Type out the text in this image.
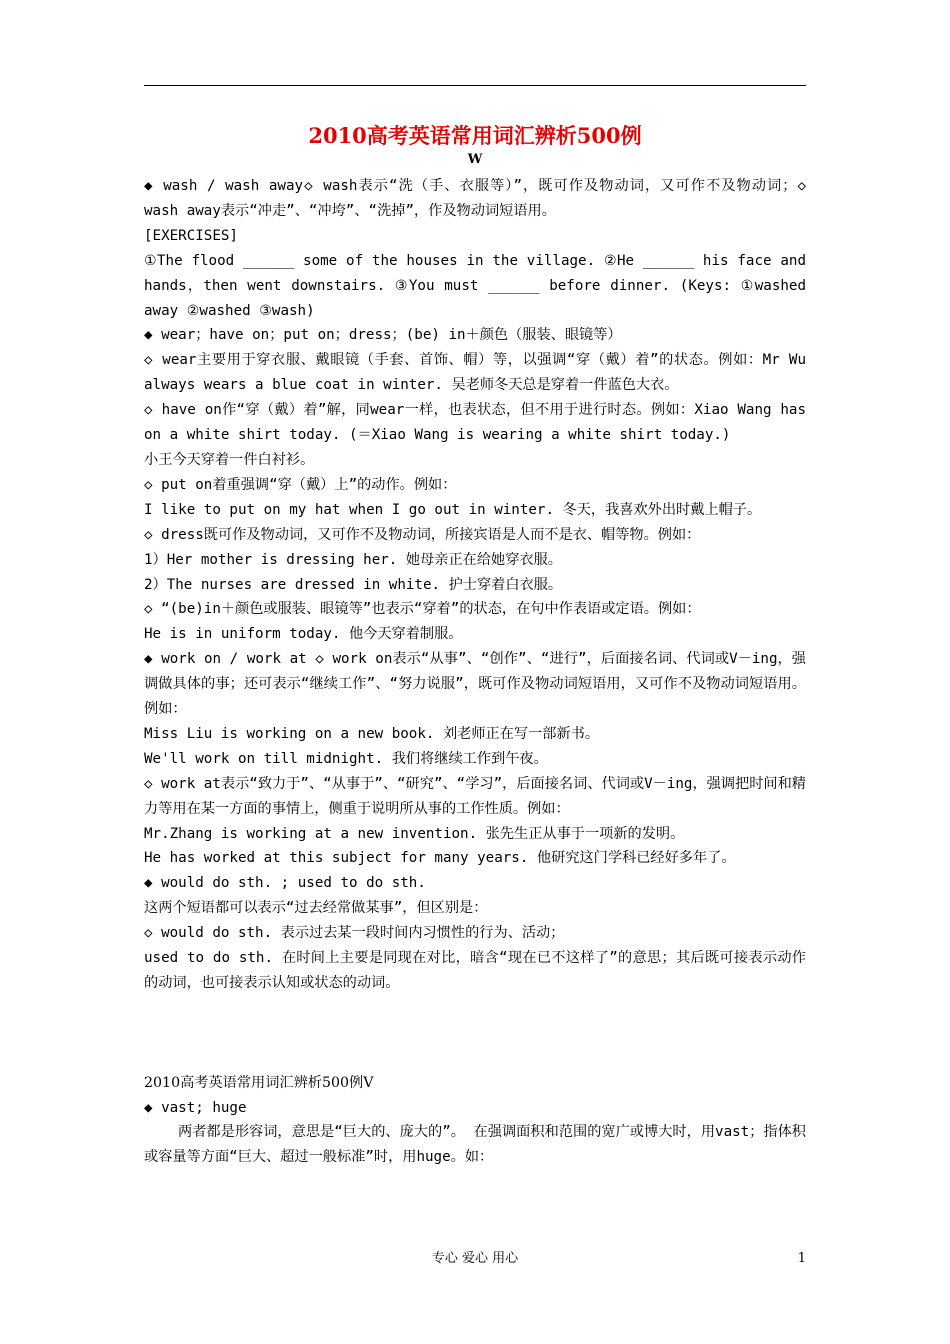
2010高考英语常用词汇辨析500例
W

◆ wash / wash away◇ wash表示“洗（手、衣服等）”，既可作及物动词，又可作不及物动词；◇ wash away表示“冲走”、“冲垮”、“洗掉”，作及物动词短语用。

[EXERCISES]

①The flood ______ some of the houses in the village. ②He ______ his face and hands，then went downstairs. ③You must ______ before dinner. (Keys: ①washed away ②washed ③wash)

◆ wear；have on；put on；dress；(be) in＋颜色（服装、眼镜等）

◇ wear主要用于穿衣服、戴眼镜（手套、首饰、帽）等，以强调“穿（戴）着”的状态。例如：Mr Wu always wears a blue coat in winter. 吴老师冬天总是穿着一件蓝色大衣。

◇ have on作“穿（戴）着”解，同wear一样，也表状态，但不用于进行时态。例如：Xiao Wang has on a white shirt today. (＝Xiao Wang is wearing a white shirt today.)

小王今天穿着一件白衬衫。

◇ put on着重强调“穿（戴）上”的动作。例如：

I like to put on my hat when I go out in winter. 冬天，我喜欢外出时戴上帽子。

◇ dress既可作及物动词，又可作不及物动词，所接宾语是人而不是衣、帽等物。例如：

1）Her mother is dressing her. 她母亲正在给她穿衣服。

2）The nurses are dressed in white. 护士穿着白衣服。

◇ “(be)in＋颜色或服装、眼镜等”也表示“穿着”的状态，在句中作表语或定语。例如：

He is in uniform today. 他今天穿着制服。

◆ work on / work at ◇ work on表示“从事”、“创作”、“进行”，后面接名词、代词或V－ing，强调做具体的事；还可表示“继续工作”、“努力说服”，既可作及物动词短语用，又可作不及物动词短语用。例如：

Miss Liu is working on a new book. 刘老师正在写一部新书。

We'll work on till midnight. 我们将继续工作到午夜。

◇ work at表示“致力于”、“从事于”、“研究”、“学习”，后面接名词、代词或V－ing，强调把时间和精力等用在某一方面的事情上，侧重于说明所从事的工作性质。例如：

Mr.Zhang is working at a new invention. 张先生正从事于一项新的发明。

He has worked at this subject for many years. 他研究这门学科已经好多年了。

◆ would do sth. ; used to do sth.

这两个短语都可以表示“过去经常做某事”，但区别是：

◇ would do sth. 表示过去某一段时间内习惯性的行为、活动；

used to do sth. 在时间上主要是同现在对比，暗含“现在已不这样了”的意思；其后既可接表示动作的动词，也可接表示认知或状态的动词。

2010高考英语常用词汇辨析500例V

◆ vast; huge

两者都是形容词，意思是“巨大的、庞大的”。 在强调面积和范围的宽广或博大时，用vast；指体积或容量等方面“巨大、超过一般标准”时，用huge。如：

专心 爱心 用心	1
